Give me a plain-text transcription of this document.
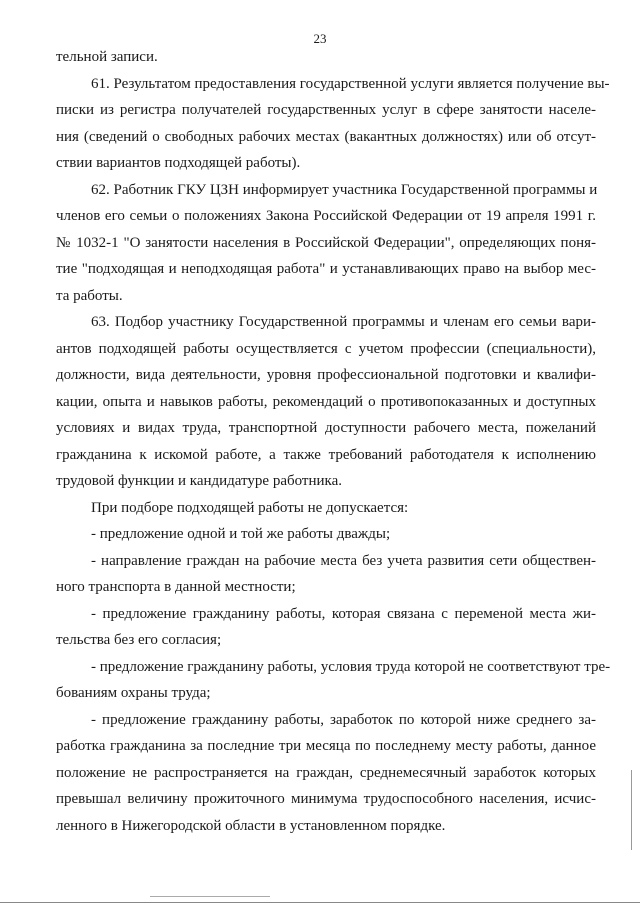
23
тельной записи.
61. Результатом предоставления государственной услуги является получение вы-
писки из регистра получателей государственных услуг в сфере занятости населе-
ния (сведений о свободных рабочих местах (вакантных должностях) или об отсут-
ствии вариантов подходящей работы).
62. Работник ГКУ ЦЗН информирует участника Государственной программы и
членов его семьи о положениях Закона Российской Федерации от 19 апреля 1991 г.
№ 1032-1 "О занятости населения в Российской Федерации", определяющих поня-
тие "подходящая и неподходящая работа" и устанавливающих право на выбор мес-
та работы.
63. Подбор участнику Государственной программы и членам его семьи вари-
антов подходящей работы осуществляется с учетом профессии (специальности),
должности, вида деятельности, уровня профессиональной подготовки и квалифи-
кации, опыта и навыков работы, рекомендаций о противопоказанных и доступных
условиях и видах труда, транспортной доступности рабочего места, пожеланий
гражданина к искомой работе, а также требований работодателя к исполнению
трудовой функции и кандидатуре работника.
При подборе подходящей работы не допускается:
- предложение одной и той же работы дважды;
- направление граждан на рабочие места без учета развития сети обществен-
ного транспорта в данной местности;
- предложение гражданину работы, которая связана с переменой места жи-
тельства без его согласия;
- предложение гражданину работы, условия труда которой не соответствуют тре-
бованиям охраны труда;
- предложение гражданину работы, заработок по которой ниже среднего за-
работка гражданина за последние три месяца по последнему месту работы, данное
положение не распространяется на граждан, среднемесячный заработок которых
превышал величину прожиточного минимума трудоспособного населения, исчис-
ленного в Нижегородской области в установленном порядке.
